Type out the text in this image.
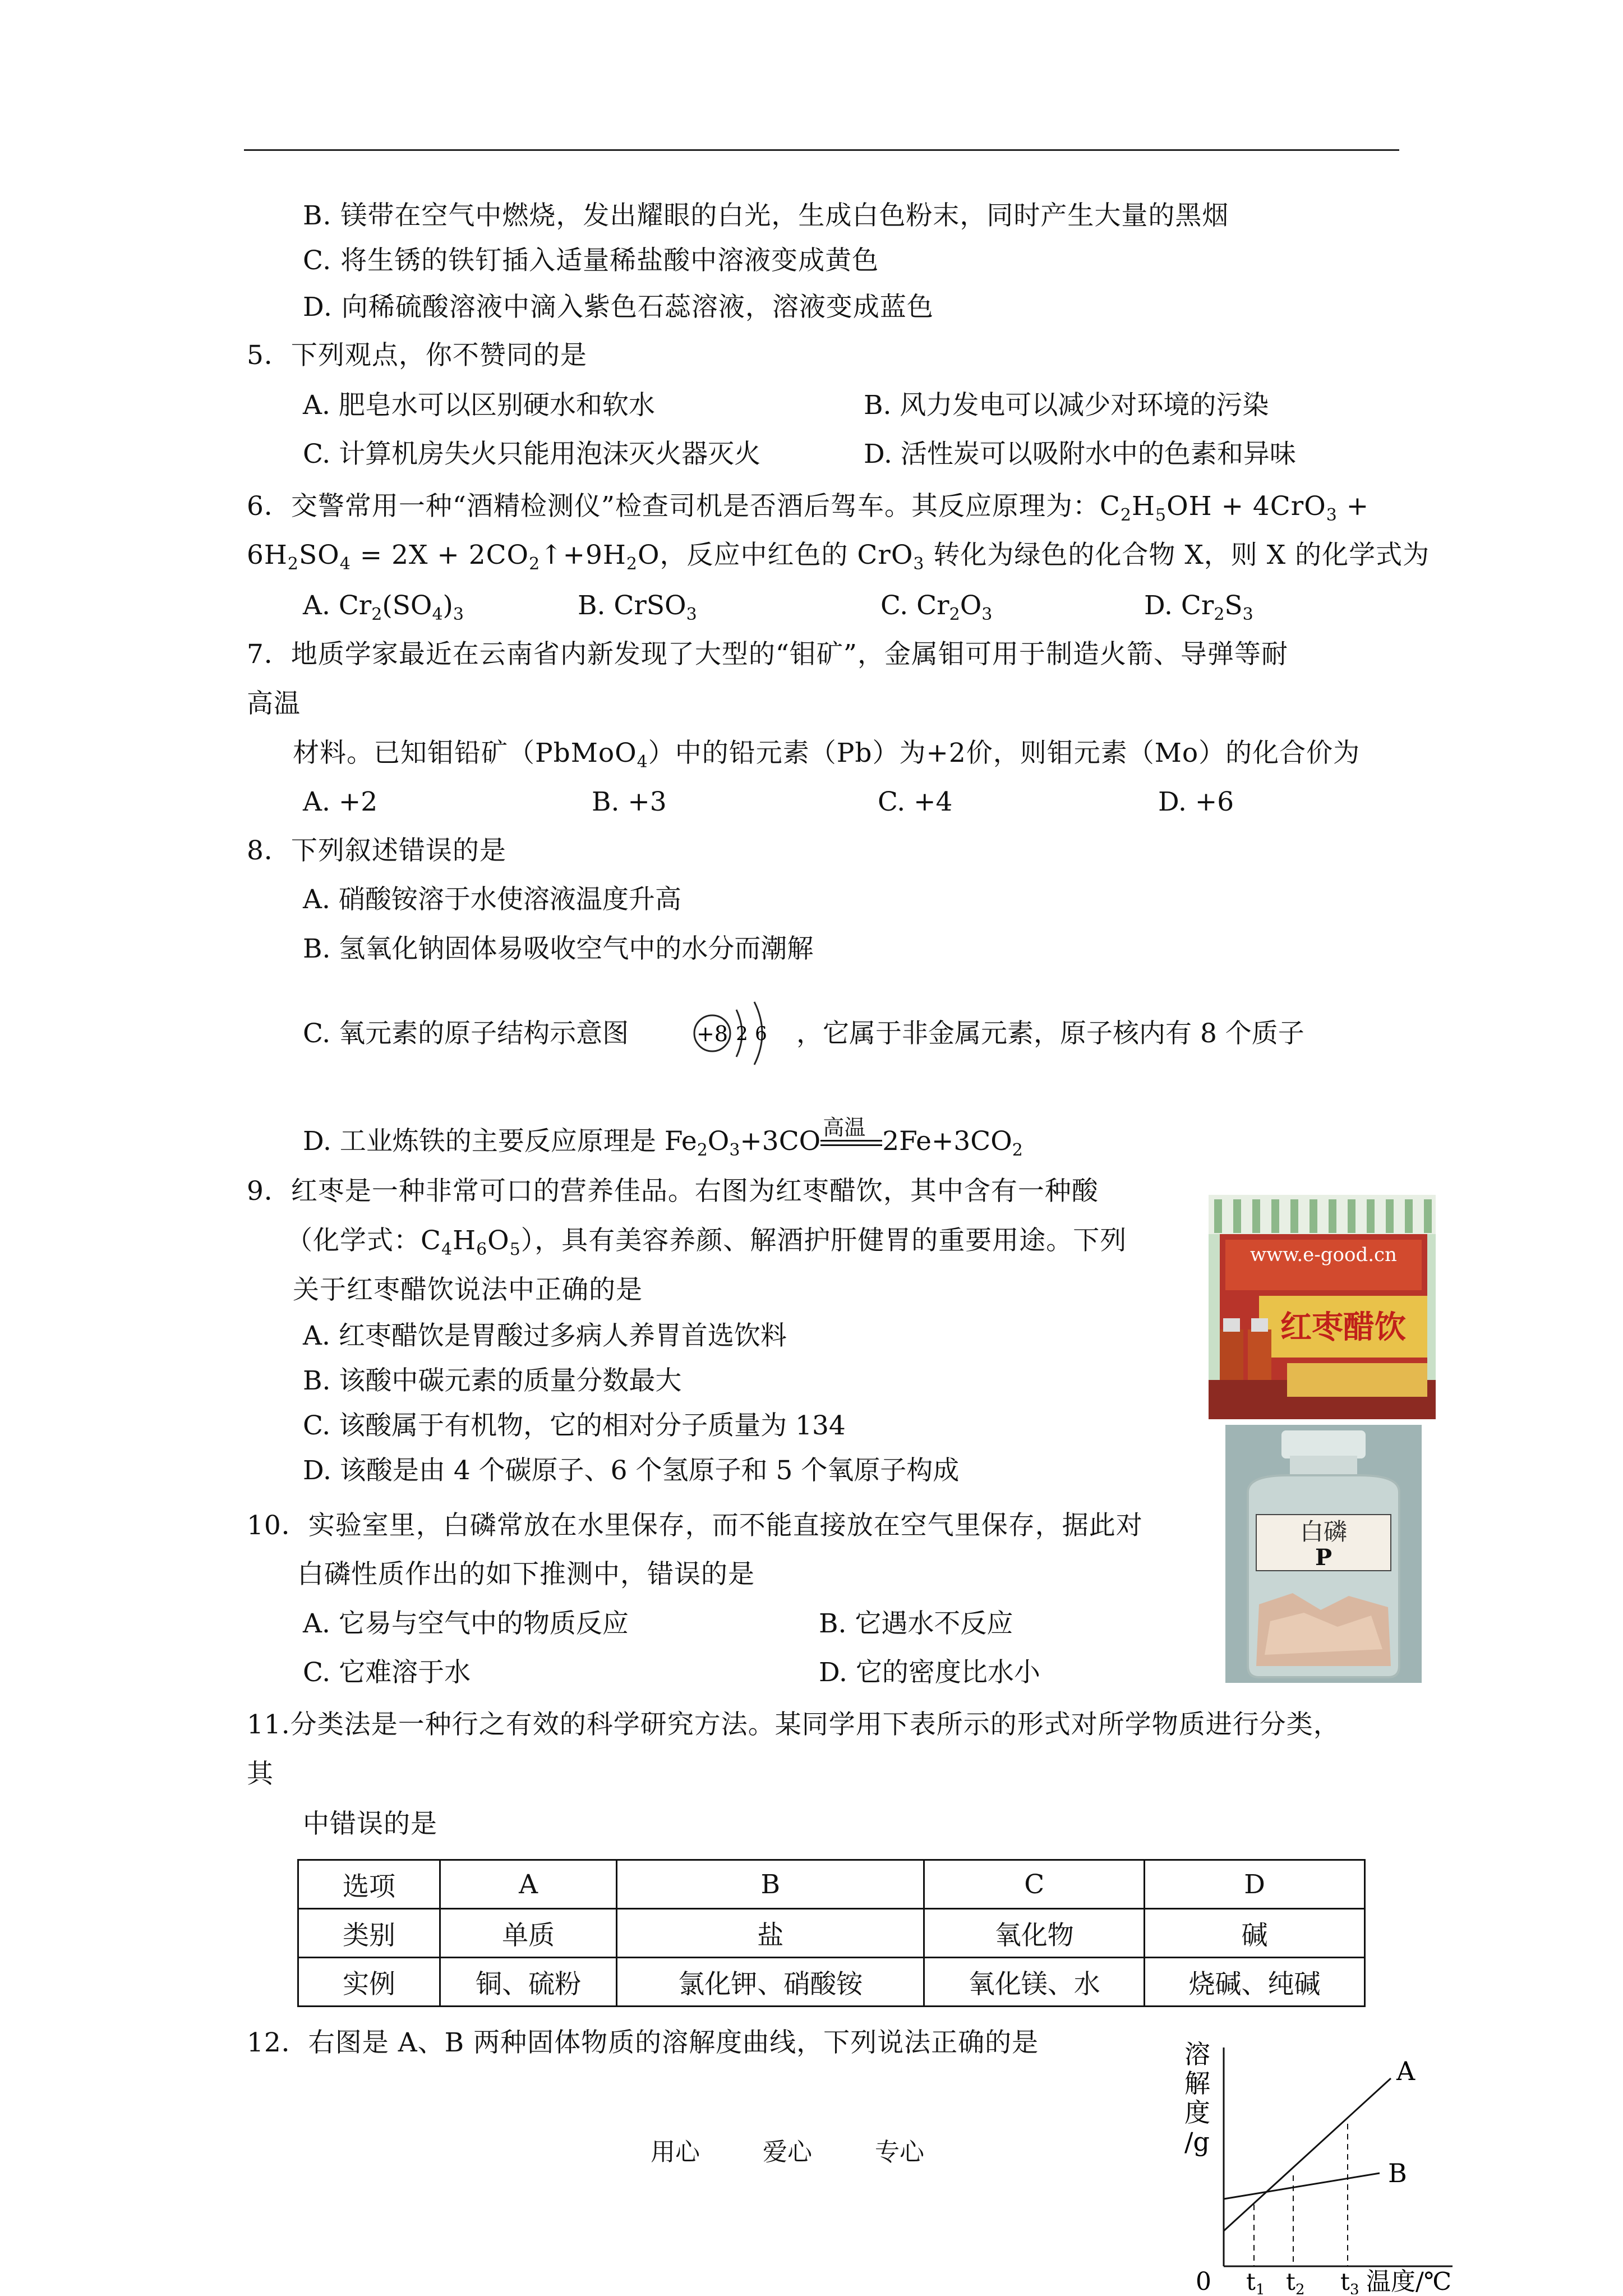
B. 镁带在空气中燃烧，发出耀眼的白光，生成白色粉末，同时产生大量的黑烟
C. 将生锈的铁钉插入适量稀盐酸中溶液变成黄色
D. 向稀硫酸溶液中滴入紫色石蕊溶液，溶液变成蓝色
5．下列观点，你不赞同的是
A. 肥皂水可以区别硬水和软水	B. 风力发电可以减少对环境的污染
C. 计算机房失火只能用泡沫灭火器灭火	D. 活性炭可以吸附水中的色素和异味
6．交警常用一种“酒精检测仪”检查司机是否酒后驾车。其反应原理为：$C_2H_5OH + 4CrO_3$ +
$6H_2SO_4 = 2X$ + $2CO_2↑+9H_2O$，反应中红色的 CrO$_3$ 转化为绿色的化合物 X，则 X 的化学式为
A. $Cr_2(SO_4)_3$	B. CrSO$_3$	C. $Cr_2O_3$	D. $Cr_2S_3$
7．地质学家最近在云南省内新发现了大型的“钼矿”，金属钼可用于制造火箭、导弹等耐
高温
材料。已知钼铅矿（PbMoO$_4$）中的铅元素（Pb）为+2价，则钼元素（Mo）的化合价为
A. +2	B. +3	C. +4	D. +6
8．下列叙述错误的是
A. 硝酸铵溶于水使溶液温度升高
B. 氢氧化钠固体易吸收空气中的水分而潮解
C. 氧元素的原子结构示意图	+8 2 6 ，它属于非金属元素，原子核内有 8 个质子
D. 工业炼铁的主要反应原理是 $Fe_2O_3+3CO$ 高温 $2Fe+3CO_2$
9．红枣是一种非常可口的营养佳品。右图为红枣醋饮，其中含有一种酸
（化学式：$C_4H_6O_5$），具有美容养颜、解酒护肝健胃的重要用途。下列
关于红枣醋饮说法中正确的是
A. 红枣醋饮是胃酸过多病人养胃首选饮料
B. 该酸中碳元素的质量分数最大
C. 该酸属于有机物，它的相对分子质量为 134
D. 该酸是由 4 个碳原子、6 个氢原子和 5 个氧原子构成
www.e-good.cn
红枣醋饮
白磷
P
10．实验室里，白磷常放在水里保存，而不能直接放在空气里保存，据此对
白磷性质作出的如下推测中，错误的是
A. 它易与空气中的物质反应	B. 它遇水不反应
C. 它难溶于水	D. 它的密度比水小
11.分类法是一种行之有效的科学研究方法。某同学用下表所示的形式对所学物质进行分类，
其
中错误的是
选项	A	B	C	D
类别	单质	盐	氧化物	碱
实例	铜、硫粉	氯化钾、硝酸铵	氧化镁、水	烧碱、纯碱
12．右图是 A、B 两种固体物质的溶解度曲线，下列说法正确的是	溶
解
度
/g
A
B
0 t 1 t 2 t 3 温度/℃
用心	爱心	专心
